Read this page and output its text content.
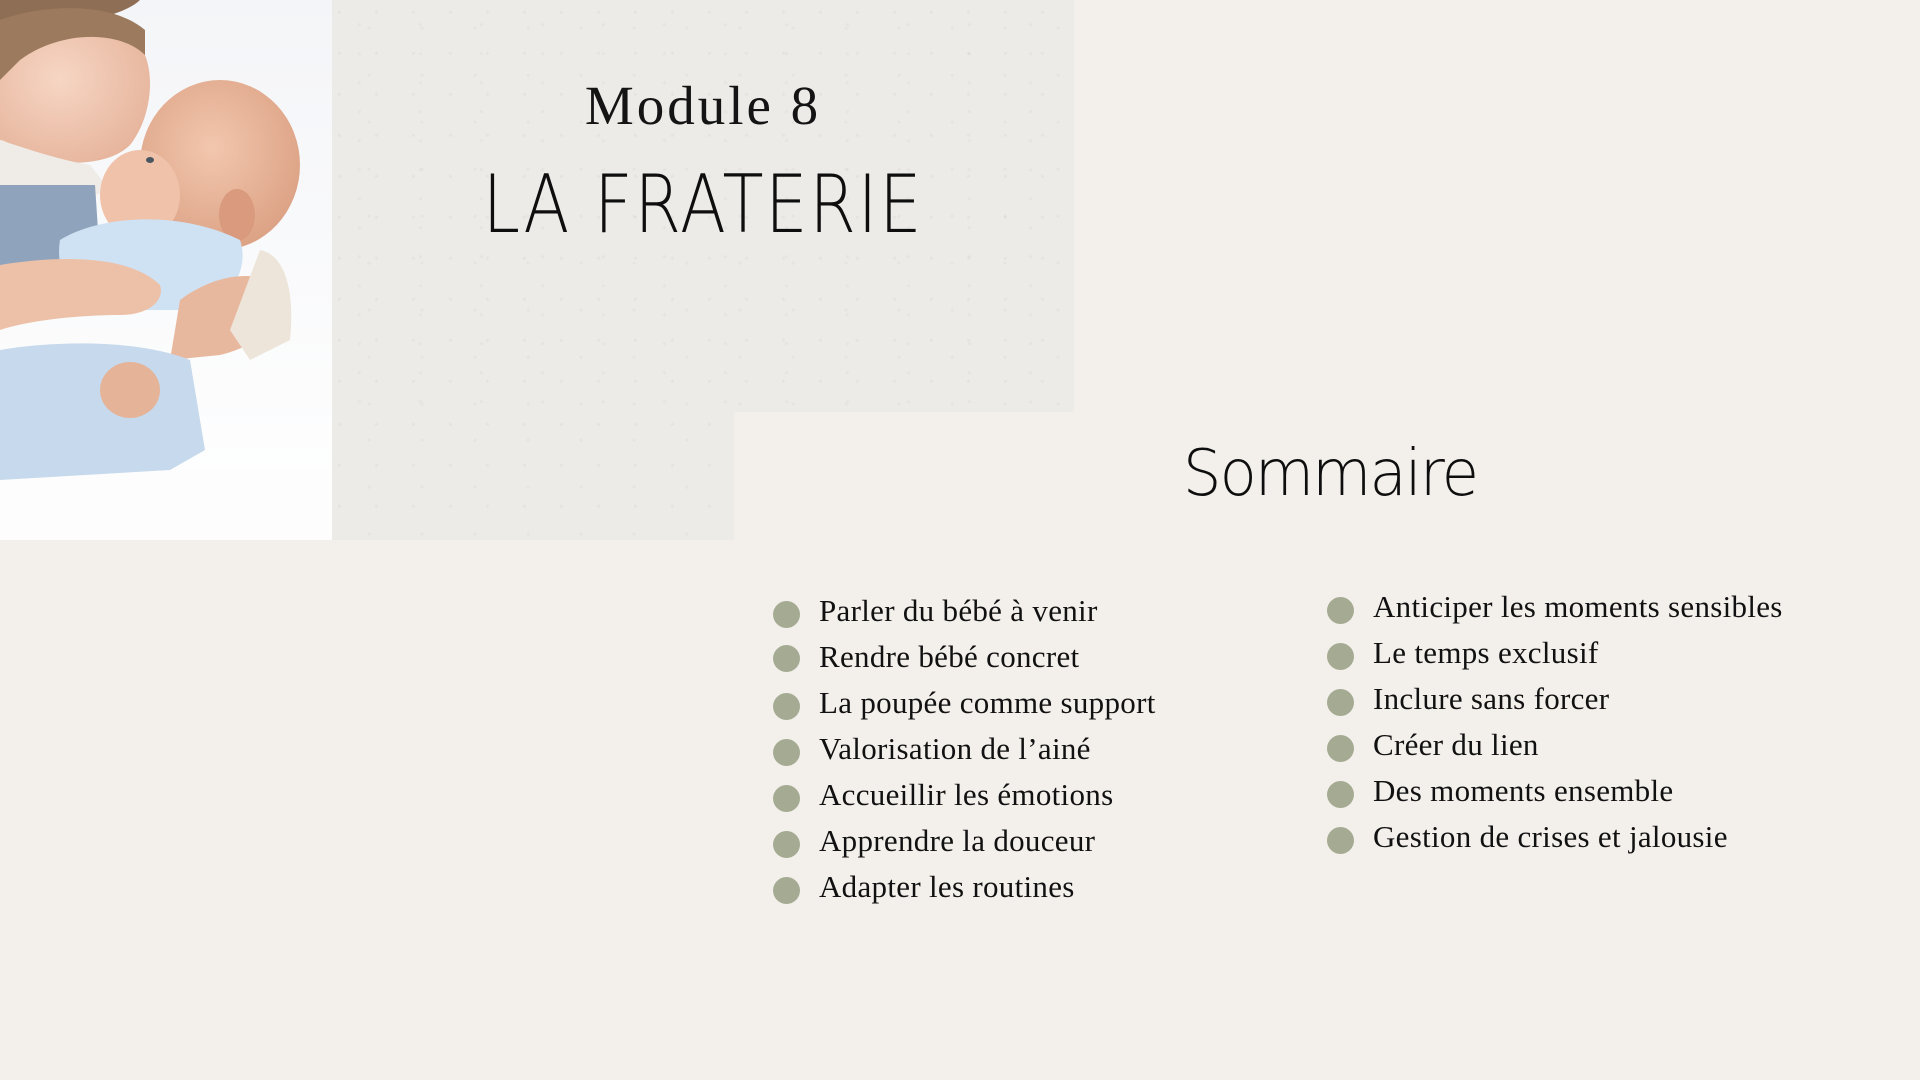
Module 8
LA FRATERIE
Sommaire
Parler du bébé à venir
Rendre bébé concret
La poupée comme support
Valorisation de l’ainé
Accueillir les émotions
Apprendre la douceur
Adapter les routines
Anticiper les moments sensibles
Le temps exclusif
Inclure sans forcer
Créer du lien
Des moments ensemble
Gestion de crises et jalousie
